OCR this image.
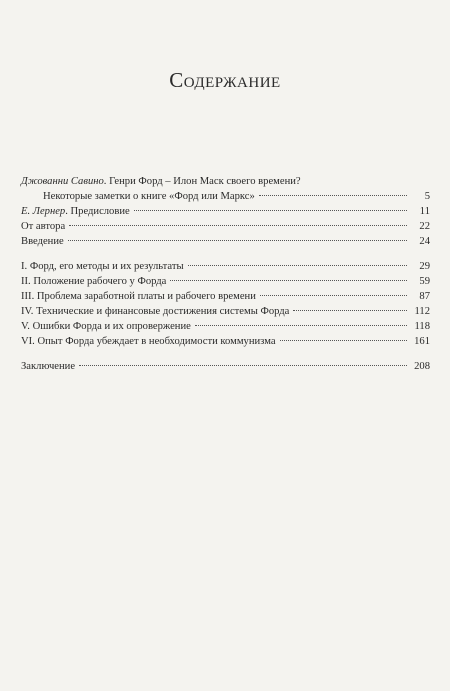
Содержание
Джованни Савино. Генри Форд – Илон Маск своего времени?
Некоторые заметки о книге «Форд или Маркс»	5
Е. Лернер. Предисловие	11
От автора	22
Введение	24
I. Форд, его методы и их результаты	29
II. Положение рабочего у Форда	59
III. Проблема заработной платы и рабочего времени	87
IV. Технические и финансовые достижения системы Форда	112
V. Ошибки Форда и их опровержение	118
VI. Опыт Форда убеждает в необходимости коммунизма	161
Заключение	208
